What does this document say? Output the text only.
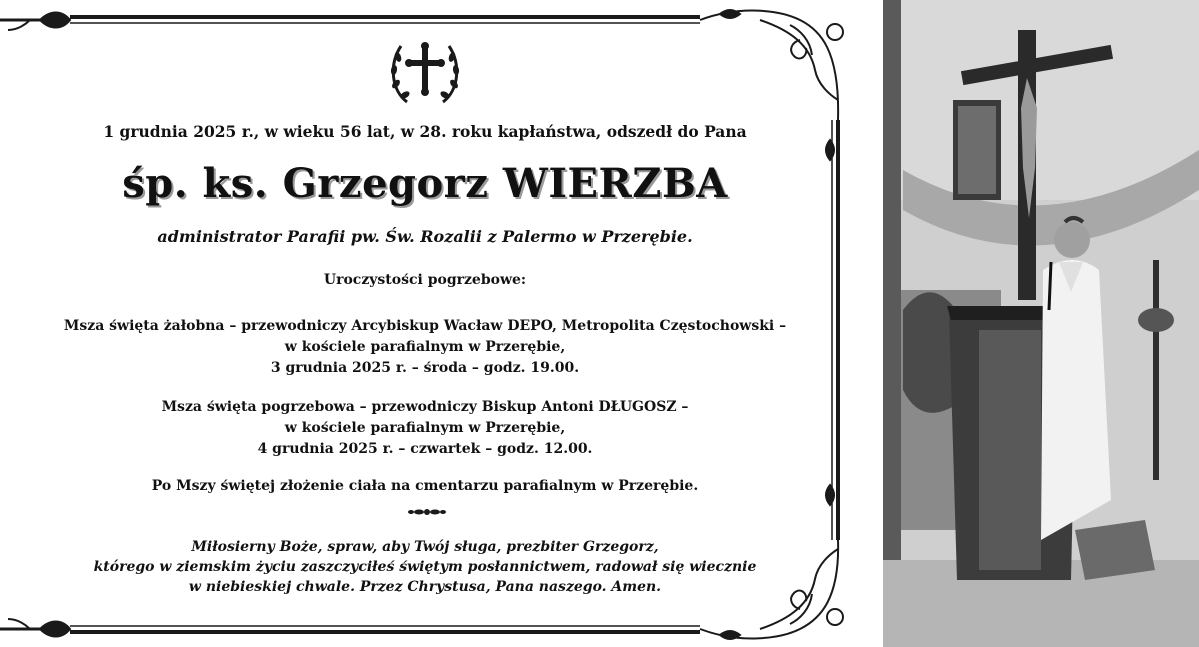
1 grudnia 2025 r., w wieku 56 lat, w 28. roku kapłaństwa, odszedł do Pana
śp. ks. Grzegorz WIERZBA
administrator Parafii pw. Św. Rozalii z Palermo w Przerębie.
Uroczystości pogrzebowe:
Msza święta żałobna – przewodniczy Arcybiskup Wacław DEPO, Metropolita Częstochowski –
w kościele parafialnym w Przerębie,
3 grudnia 2025 r. – środa – godz. 19.00.
Msza święta pogrzebowa – przewodniczy Biskup Antoni DŁUGOSZ –
w kościele parafialnym w Przerębie,
4 grudnia 2025 r. – czwartek – godz. 12.00.
Po Mszy świętej złożenie ciała na cmentarzu parafialnym w Przerębie.
Miłosierny Boże, spraw, aby Twój sługa, prezbiter Grzegorz,
którego w ziemskim życiu zaszczyciłeś świętym posłannictwem, radował się wiecznie
w niebieskiej chwale. Przez Chrystusa, Pana naszego. Amen.
